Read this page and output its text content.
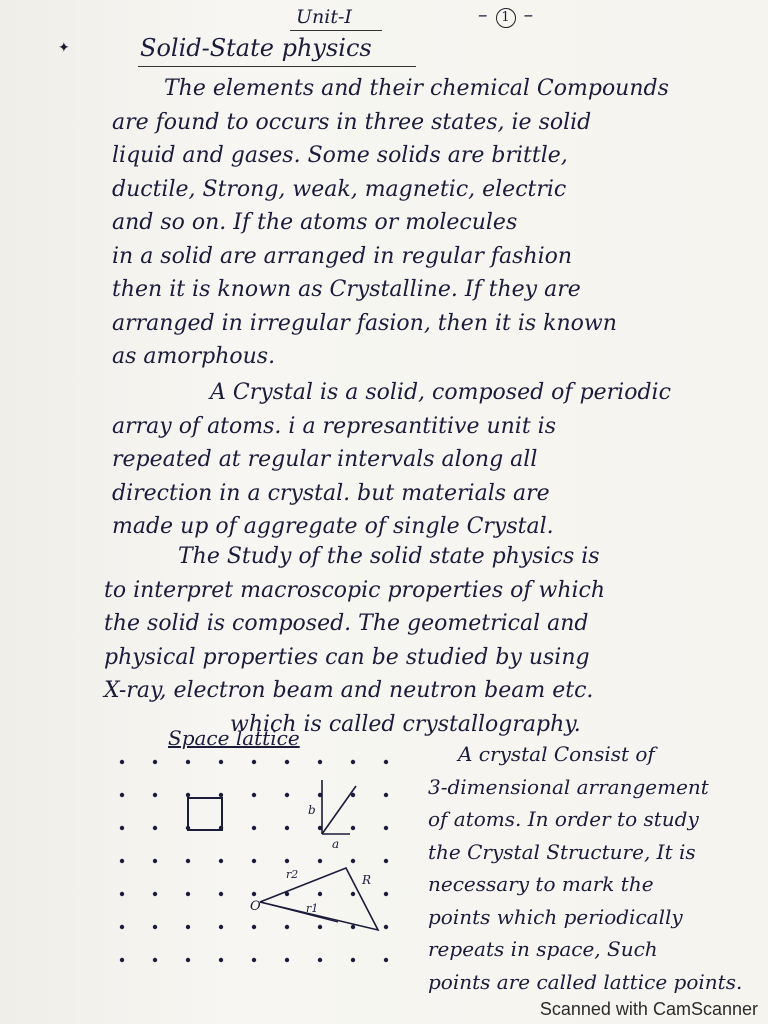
Unit-I	– 1 –
✦	Solid-State physics

The elements and their chemical Compounds

are found to occurs in three states, ie solid

liquid and gases. Some solids are brittle,

ductile, Strong, weak, magnetic, electric

and so on. If the atoms or molecules

in a solid are arranged in regular fashion

then it is known as Crystalline. If they are

arranged in irregular fasion, then it is known

as amorphous.

A Crystal is a solid, composed of periodic

array of atoms. i a represantitive unit is

repeated at regular intervals along all

direction in a crystal. but materials are

made up of aggregate of single Crystal.

The Study of the solid state physics is

to interpret macroscopic properties of which

the solid is composed. The geometrical and

physical properties can be studied by using

X-ray, electron beam and neutron beam etc.

which is called crystallography.

Space lattice

A crystal Consist of

3-dimensional arrangement

of atoms. In order to study

the Crystal Structure, It is

necessary to mark the

points which periodically

repeats in space, Such

points are called lattice points.

O
a
b
R
r2
r1
Scanned with CamScanner
